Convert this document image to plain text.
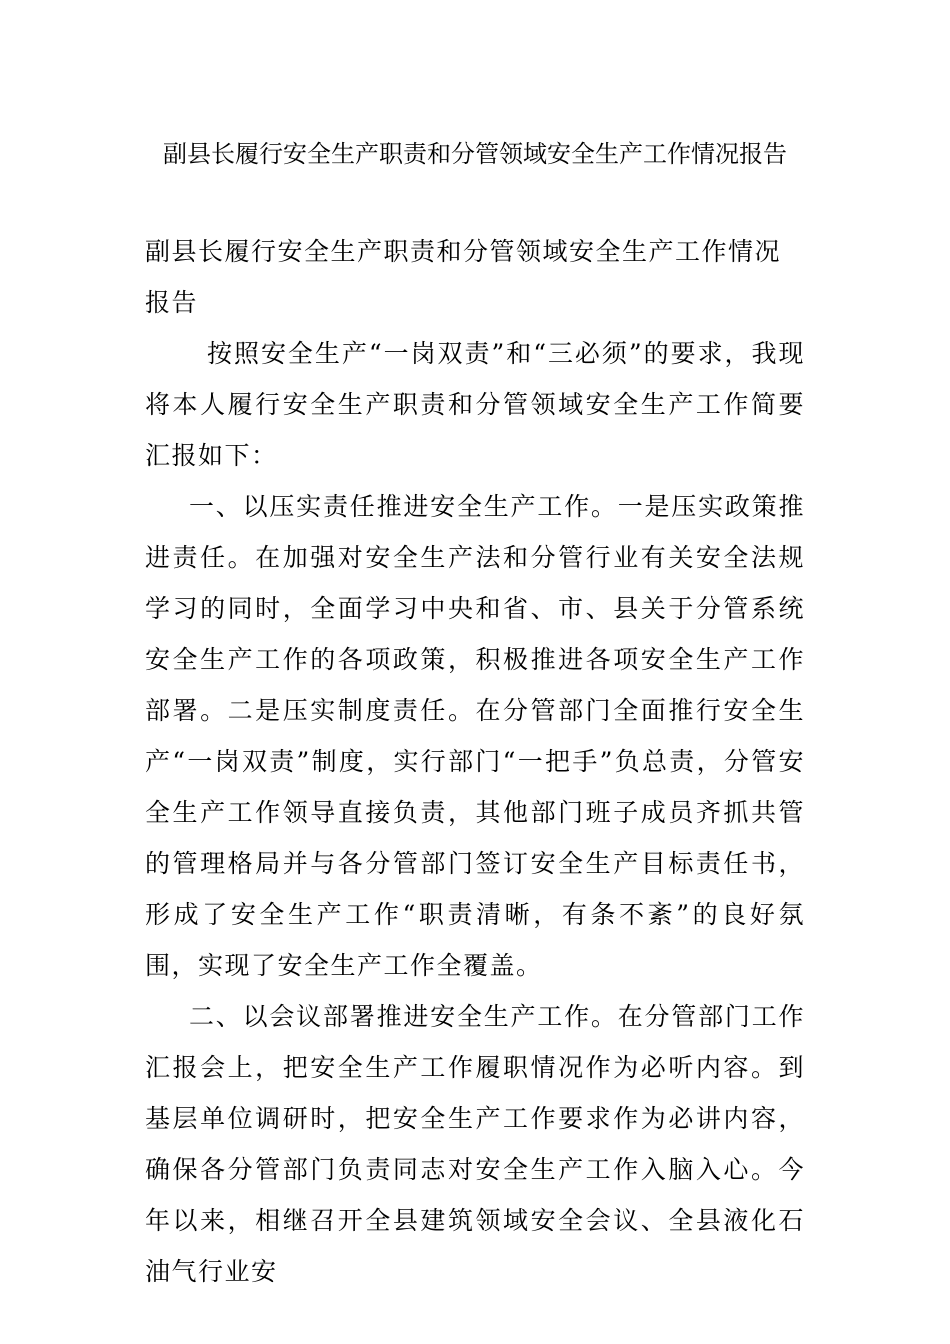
副县长履行安全生产职责和分管领域安全生产工作情况报告

副县长履行安全生产职责和分管领域安全生产工作情况报告

按照安全生产“一岗双责”和“三必须”的要求，我现将本人履行安全生产职责和分管领域安全生产工作简要汇报如下：

一、以压实责任推进安全生产工作。一是压实政策推进责任。在加强对安全生产法和分管行业有关安全法规学习的同时，全面学习中央和省、市、县关于分管系统安全生产工作的各项政策，积极推进各项安全生产工作部署。二是压实制度责任。在分管部门全面推行安全生产“一岗双责”制度，实行部门“一把手”负总责，分管安全生产工作领导直接负责，其他部门班子成员齐抓共管的管理格局并与各分管部门签订安全生产目标责任书，形成了安全生产工作“职责清晰，有条不紊”的良好氛围，实现了安全生产工作全覆盖。

二、以会议部署推进安全生产工作。在分管部门工作汇报会上，把安全生产工作履职情况作为必听内容。到基层单位调研时，把安全生产工作要求作为必讲内容，确保各分管部门负责同志对安全生产工作入脑入心。今年以来，相继召开全县建筑领域安全会议、全县液化石油气行业安
